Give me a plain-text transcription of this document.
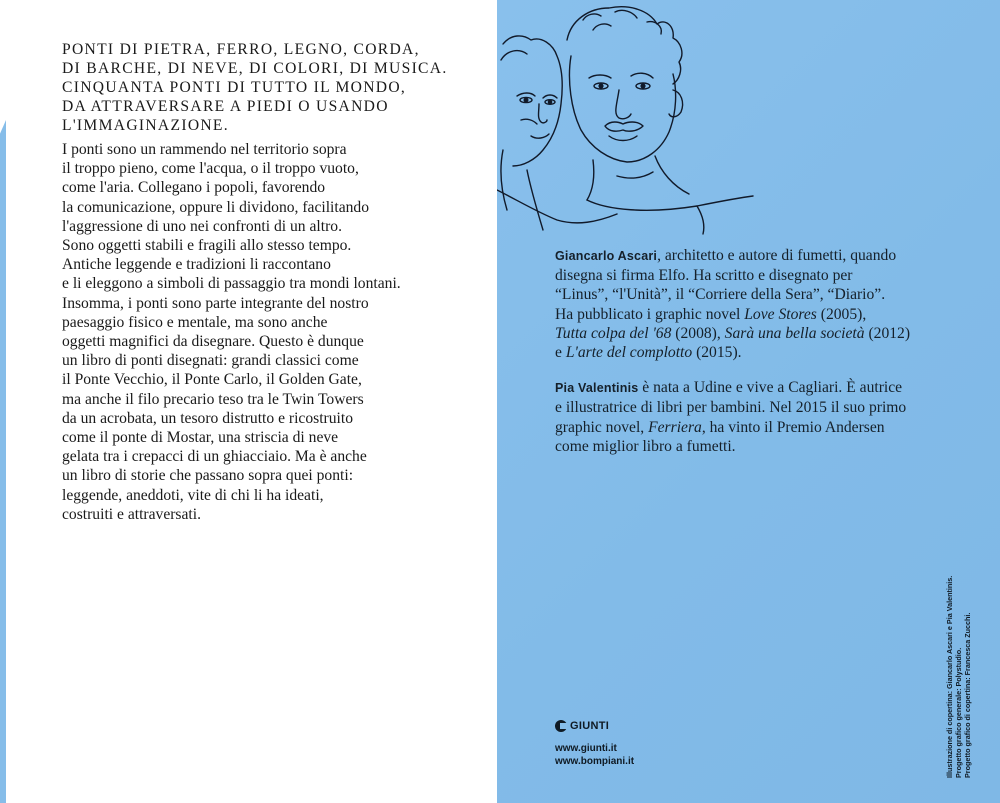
PONTI DI PIETRA, FERRO, LEGNO, CORDA,
DI BARCHE, DI NEVE, DI COLORI, DI MUSICA.
CINQUANTA PONTI DI TUTTO IL MONDO,
DA ATTRAVERSARE A PIEDI O USANDO
L'IMMAGINAZIONE.

I ponti sono un rammendo nel territorio sopra
il troppo pieno, come l'acqua, o il troppo vuoto,
come l'aria. Collegano i popoli, favorendo
la comunicazione, oppure li dividono, facilitando
l'aggressione di uno nei confronti di un altro.
Sono oggetti stabili e fragili allo stesso tempo.
Antiche leggende e tradizioni li raccontano
e li eleggono a simboli di passaggio tra mondi lontani.
Insomma, i ponti sono parte integrante del nostro
paesaggio fisico e mentale, ma sono anche
oggetti magnifici da disegnare. Questo è dunque
un libro di ponti disegnati: grandi classici come
il Ponte Vecchio, il Ponte Carlo, il Golden Gate,
ma anche il filo precario teso tra le Twin Towers
da un acrobata, un tesoro distrutto e ricostruito
come il ponte di Mostar, una striscia di neve
gelata tra i crepacci di un ghiacciaio. Ma è anche
un libro di storie che passano sopra quei ponti:
leggende, aneddoti, vite di chi li ha ideati,
costruiti e attraversati.

Giancarlo Ascari, architetto e autore di fumetti, quando
disegna si firma Elfo. Ha scritto e disegnato per
“Linus”, “l'Unità”, il “Corriere della Sera”, “Diario”.
Ha pubblicato i graphic novel Love Stores (2005),
Tutta colpa del '68 (2008), Sarà una bella società (2012)
e L'arte del complotto (2015).

Pia Valentinis è nata a Udine e vive a Cagliari. È autrice
e illustratrice di libri per bambini. Nel 2015 il suo primo
graphic novel, Ferriera, ha vinto il Premio Andersen
come miglior libro a fumetti.

GIUNTI
www.giunti.it
www.bompiani.it	Illustrazione di copertina: Giancarlo Ascari e Pia Valentinis. Progetto grafico generale: Polystudio. Progetto grafico di copertina: Francesca Zucchi.
